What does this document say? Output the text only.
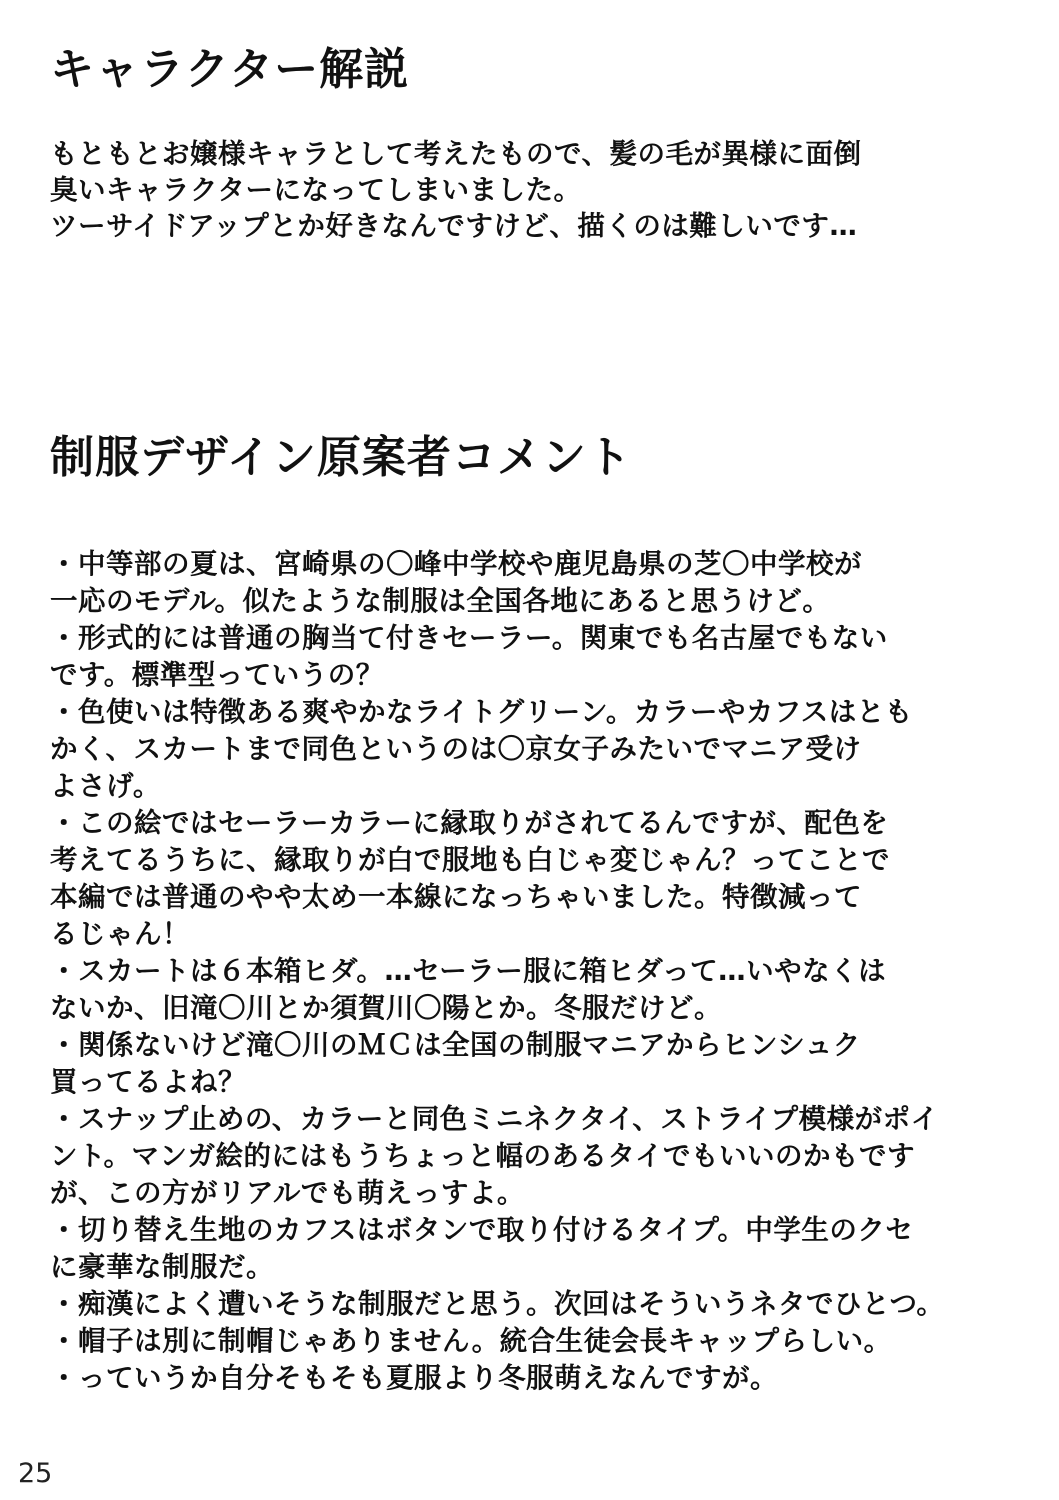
キャラクター解説
もともとお嬢様キャラとして考えたもので、髪の毛が異様に面倒
臭いキャラクターになってしまいました。
ツーサイドアップとか好きなんですけど、描くのは難しいです…
制服デザイン原案者コメント
・中等部の夏は、宮崎県の〇峰中学校や鹿児島県の芝〇中学校が
一応のモデル。似たような制服は全国各地にあると思うけど。
・形式的には普通の胸当て付きセーラー。関東でも名古屋でもない
です。標準型っていうの？
・色使いは特徴ある爽やかなライトグリーン。カラーやカフスはとも
かく、スカートまで同色というのは〇京女子みたいでマニア受け
よさげ。
・この絵ではセーラーカラーに縁取りがされてるんですが、配色を
考えてるうちに、縁取りが白で服地も白じゃ変じゃん？ってことで
本編では普通のやや太め一本線になっちゃいました。特徴減って
るじゃん！
・スカートは６本箱ヒダ。…セーラー服に箱ヒダって…いやなくは
ないか、旧滝〇川とか須賀川〇陽とか。冬服だけど。
・関係ないけど滝〇川のＭＣは全国の制服マニアからヒンシュク
買ってるよね？
・スナップ止めの、カラーと同色ミニネクタイ、ストライプ模様がポイ
ント。マンガ絵的にはもうちょっと幅のあるタイでもいいのかもです
が、この方がリアルでも萌えっすよ。
・切り替え生地のカフスはボタンで取り付けるタイプ。中学生のクセ
に豪華な制服だ。
・痴漢によく遭いそうな制服だと思う。次回はそういうネタでひとつ。
・帽子は別に制帽じゃありません。統合生徒会長キャップらしい。
・っていうか自分そもそも夏服より冬服萌えなんですが。
25
